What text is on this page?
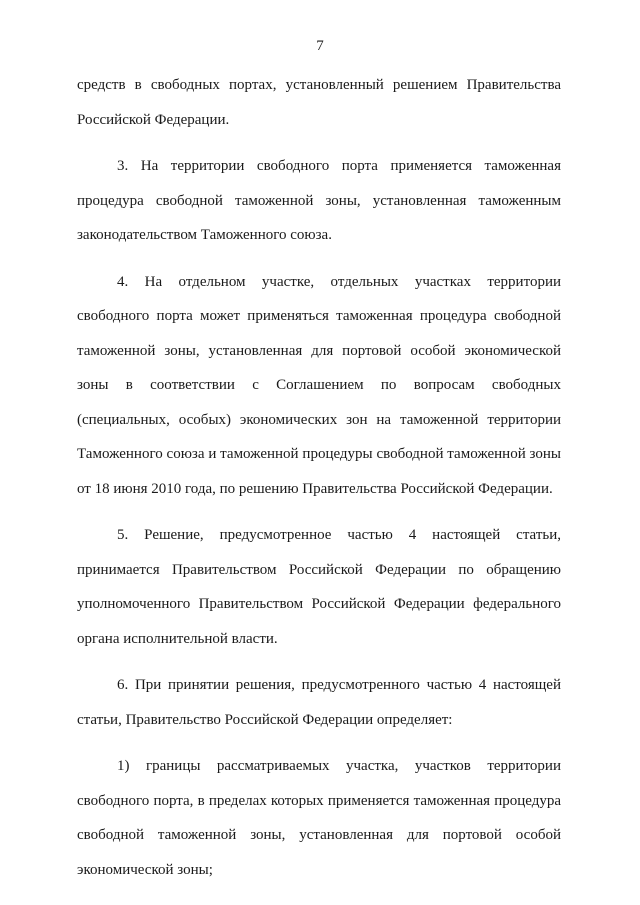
7

средств в свободных портах, установленный решением Правительства Российской Федерации.

3. На территории свободного порта применяется таможенная процедура свободной таможенной зоны, установленная таможенным законодательством Таможенного союза.

4. На отдельном участке, отдельных участках территории свободного порта может применяться таможенная процедура свободной таможенной зоны, установленная для портовой особой экономической зоны в соответствии с Соглашением по вопросам свободных (специальных, особых) экономических зон на таможенной территории Таможенного союза и таможенной процедуры свободной таможенной зоны от 18 июня 2010 года, по решению Правительства Российской Федерации.

5. Решение, предусмотренное частью 4 настоящей статьи, принимается Правительством Российской Федерации по обращению уполномоченного Правительством Российской Федерации федерального органа исполнительной власти.

6. При принятии решения, предусмотренного частью 4 настоящей статьи, Правительство Российской Федерации определяет:

1) границы рассматриваемых участка, участков территории свободного порта, в пределах которых применяется таможенная процедура свободной таможенной зоны, установленная для портовой особой экономической зоны;
